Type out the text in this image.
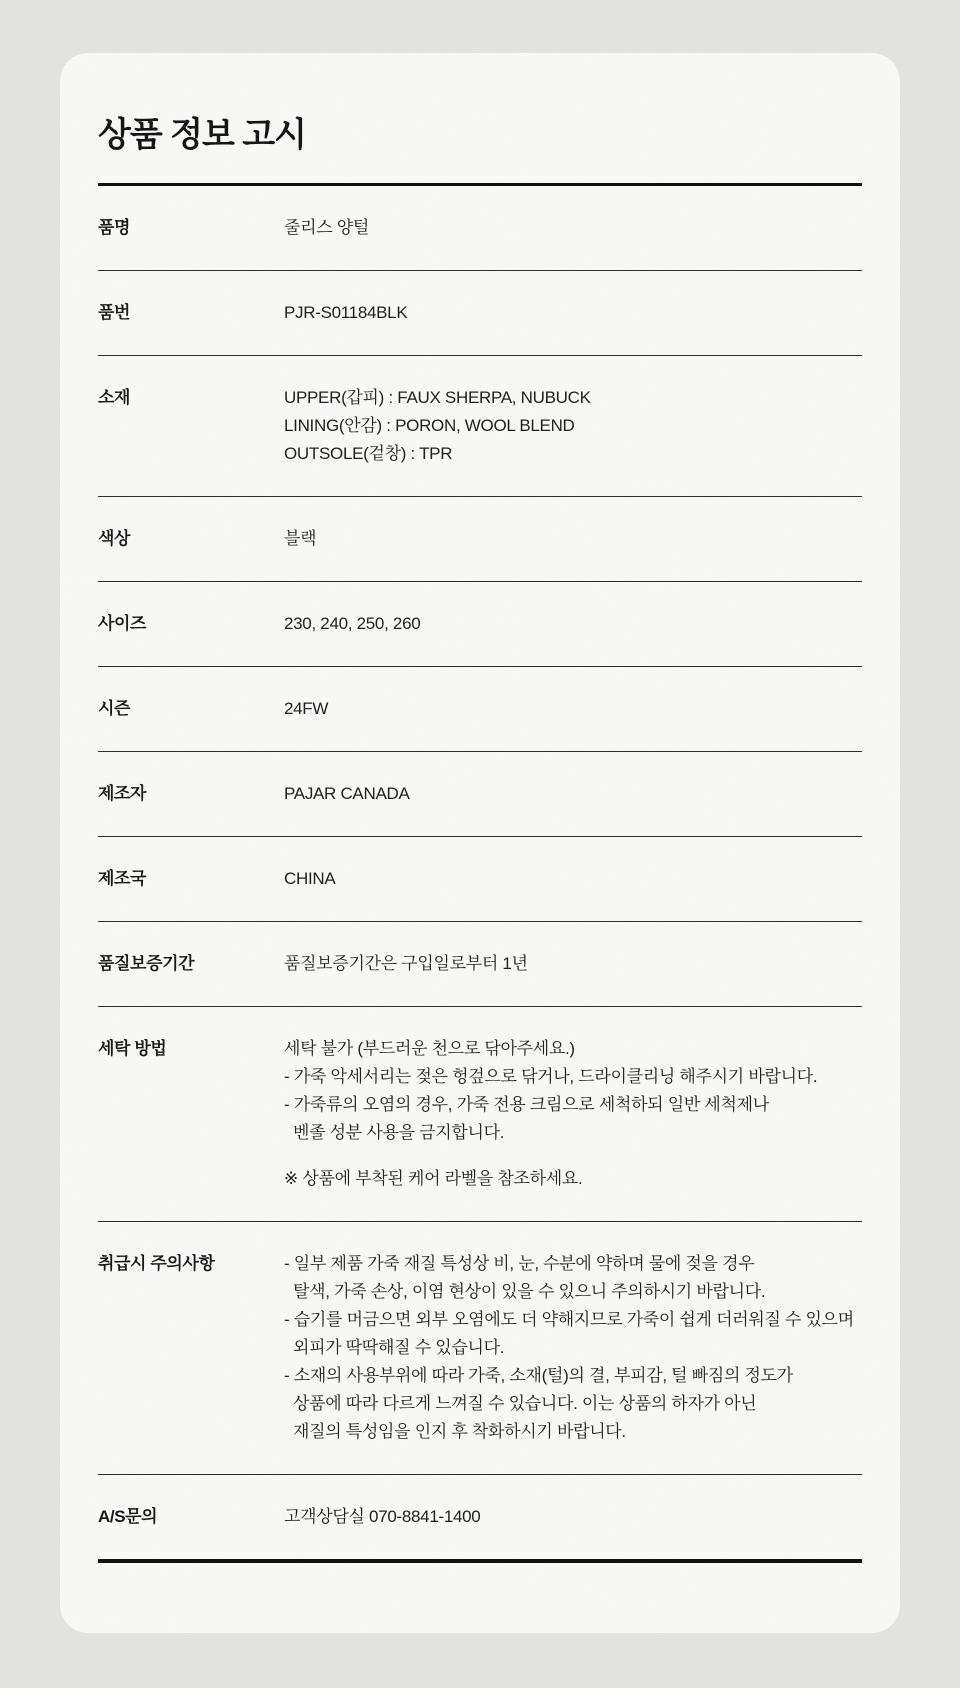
상품 정보 고시
품명	줄리스 양털
품번	PJR-S01184BLK
소재	UPPER(갑피) : FAUX SHERPA, NUBUCK
LINING(안감) : PORON, WOOL BLEND
OUTSOLE(겉창) : TPR
색상	블랙
사이즈	230, 240, 250, 260
시즌	24FW
제조자	PAJAR CANADA
제조국	CHINA
품질보증기간	품질보증기간은 구입일로부터 1년
세탁 방법	세탁 불가 (부드러운 천으로 닦아주세요.)
- 가죽 악세서리는 젖은 헝겊으로 닦거나, 드라이클리닝 해주시기 바랍니다.
- 가죽류의 오염의 경우, 가죽 전용 크림으로 세척하되 일반 세척제나
벤졸 성분 사용을 금지합니다.
※ 상품에 부착된 케어 라벨을 참조하세요.
취급시 주의사항	- 일부 제품 가죽 재질 특성상 비, 눈, 수분에 약하며 물에 젖을 경우
탈색, 가죽 손상, 이염 현상이 있을 수 있으니 주의하시기 바랍니다.
- 습기를 머금으면 외부 오염에도 더 약해지므로 가죽이 쉽게 더러워질 수 있으며
외피가 딱딱해질 수 있습니다.
- 소재의 사용부위에 따라 가죽, 소재(털)의 결, 부피감, 털 빠짐의 정도가
상품에 따라 다르게 느껴질 수 있습니다. 이는 상품의 하자가 아닌
재질의 특성임을 인지 후 착화하시기 바랍니다.
A/S문의	고객상담실 070-8841-1400
